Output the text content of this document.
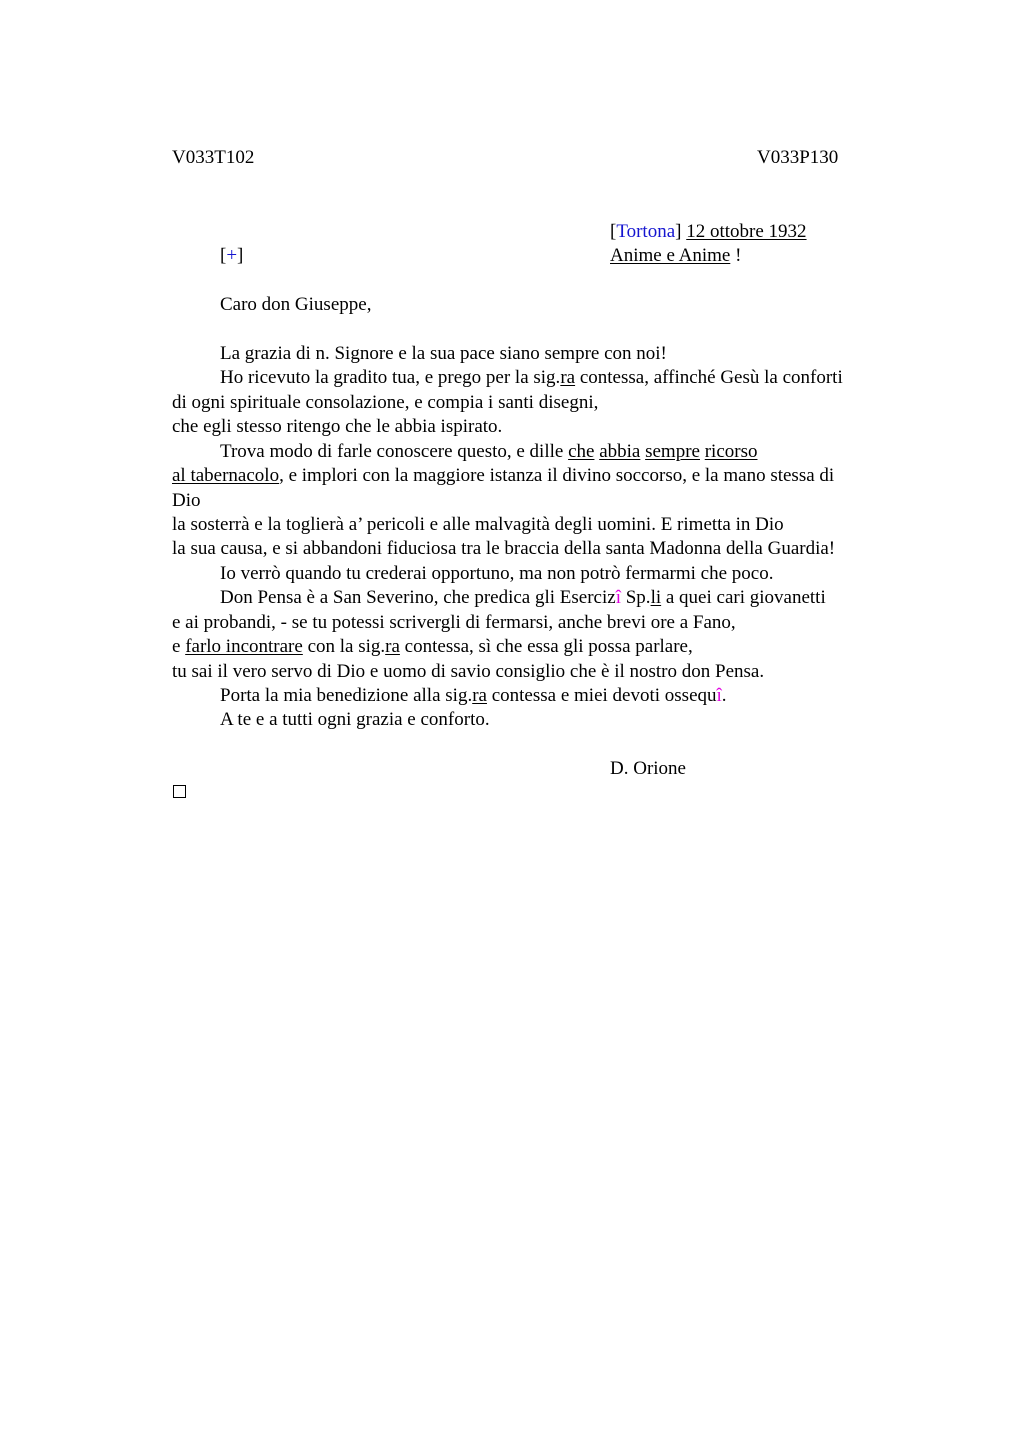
V033T102	V033P130
[Tortona] 12 ottobre 1932
[+]	Anime e Anime !
Caro don Giuseppe,
La grazia di n. Signore e la sua pace siano sempre con noi!
Ho ricevuto la gradito tua, e prego per la sig.ra contessa, affinché Gesù la conforti
di ogni spirituale consolazione, e compia i santi disegni,
che egli stesso ritengo che le abbia ispirato.
Trova modo di farle conoscere questo, e dille che abbia sempre ricorso
al tabernacolo, e implori con la maggiore istanza il divino soccorso, e la mano stessa di
Dio
la sosterrà e la toglierà a’ pericoli e alle malvagità degli uomini. E rimetta in Dio
la sua causa, e si abbandoni fiduciosa tra le braccia della santa Madonna della Guardia!
Io verrò quando tu crederai opportuno, ma non potrò fermarmi che poco.
Don Pensa è a San Severino, che predica gli Esercizî Sp.li a quei cari giovanetti
e ai probandi, - se tu potessi scrivergli di fermarsi, anche brevi ore a Fano,
e farlo incontrare con la sig.ra contessa, sì che essa gli possa parlare,
tu sai il vero servo di Dio e uomo di savio consiglio che è il nostro don Pensa.
Porta la mia benedizione alla sig.ra contessa e miei devoti ossequî.
A te e a tutti ogni grazia e conforto.
D. Orione
